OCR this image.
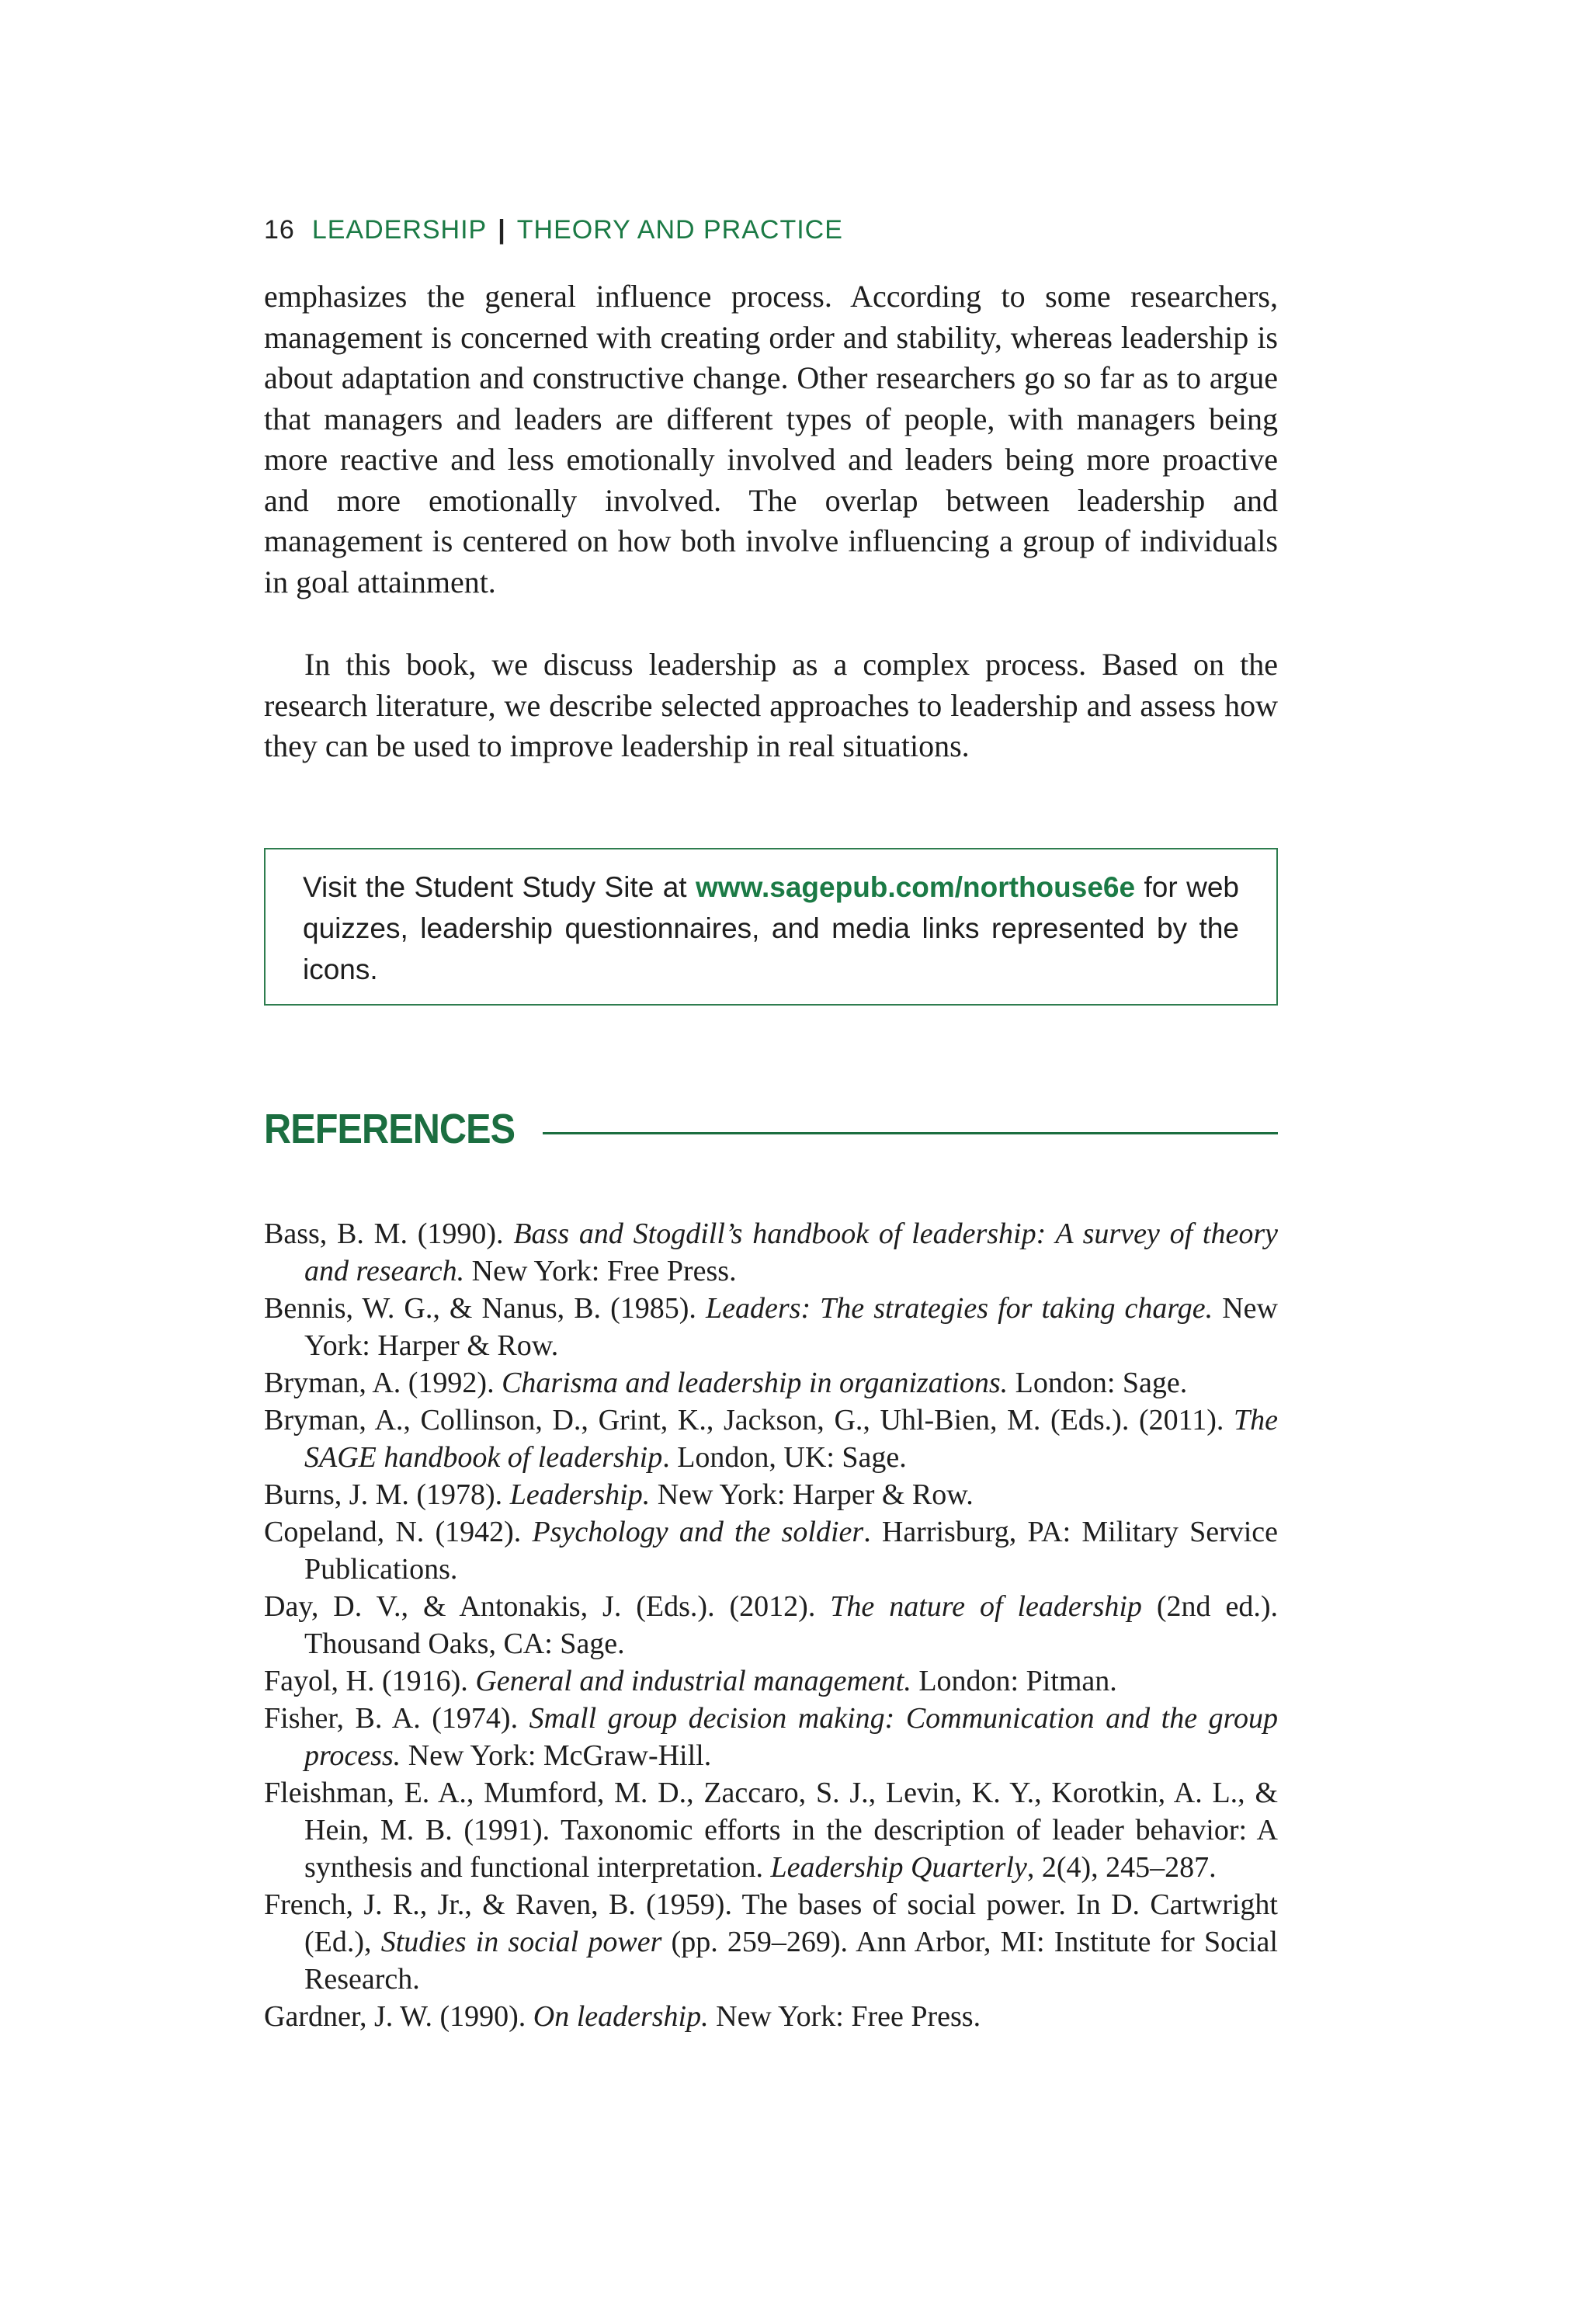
16 LEADERSHIP | THEORY AND PRACTICE

emphasizes the general influence process. According to some researchers, management is concerned with creating order and stability, whereas leadership is about adaptation and constructive change. Other researchers go so far as to argue that managers and leaders are different types of people, with managers being more reactive and less emotionally involved and leaders being more proactive and more emotionally involved. The overlap between leadership and management is centered on how both involve influencing a group of individuals in goal attainment.

In this book, we discuss leadership as a complex process. Based on the research literature, we describe selected approaches to leadership and assess how they can be used to improve leadership in real situations.

Visit the Student Study Site at www.sagepub.com/northouse6e for web quizzes, leadership questionnaires, and media links represented by the icons.
REFERENCES

Bass, B. M. (1990). Bass and Stogdill’s handbook of leadership: A survey of theory and research. New York: Free Press.

Bennis, W. G., & Nanus, B. (1985). Leaders: The strategies for taking charge. New York: Harper & Row.

Bryman, A. (1992). Charisma and leadership in organizations. London: Sage.

Bryman, A., Collinson, D., Grint, K., Jackson, G., Uhl-Bien, M. (Eds.). (2011). The SAGE handbook of leadership. London, UK: Sage.

Burns, J. M. (1978). Leadership. New York: Harper & Row.

Copeland, N. (1942). Psychology and the soldier. Harrisburg, PA: Military Service Publications.

Day, D. V., & Antonakis, J. (Eds.). (2012). The nature of leadership (2nd ed.). Thousand Oaks, CA: Sage.

Fayol, H. (1916). General and industrial management. London: Pitman.

Fisher, B. A. (1974). Small group decision making: Communication and the group process. New York: McGraw-Hill.

Fleishman, E. A., Mumford, M. D., Zaccaro, S. J., Levin, K. Y., Korotkin, A. L., & Hein, M. B. (1991). Taxonomic efforts in the description of leader behavior: A synthesis and functional interpretation. Leadership Quarterly, 2(4), 245–287.

French, J. R., Jr., & Raven, B. (1959). The bases of social power. In D. Cartwright (Ed.), Studies in social power (pp. 259–269). Ann Arbor, MI: Institute for Social Research.

Gardner, J. W. (1990). On leadership. New York: Free Press.
